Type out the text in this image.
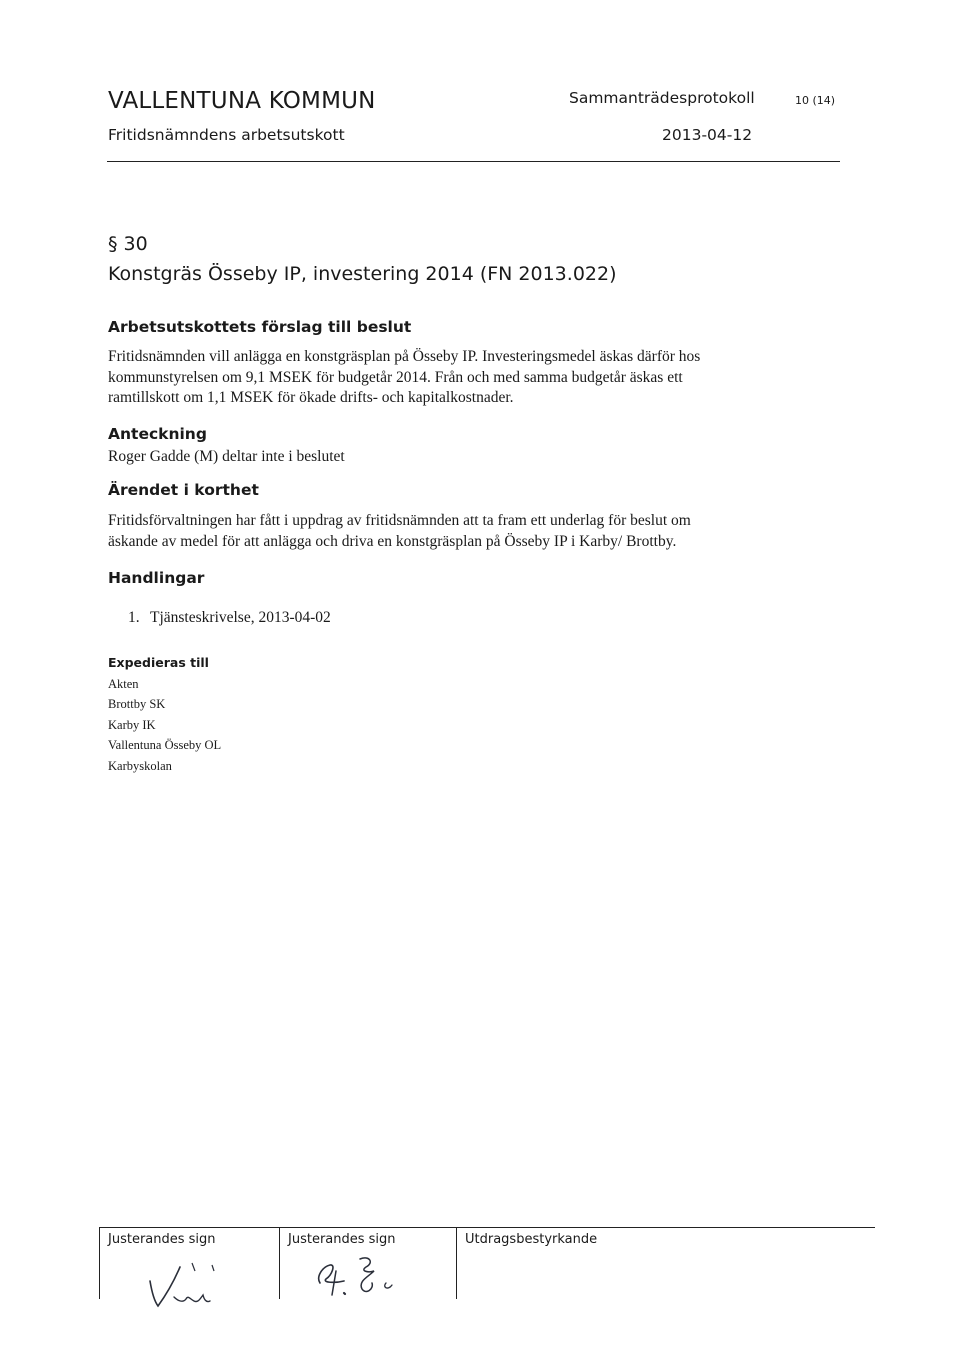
VALLENTUNA KOMMUN
Fritidsnämndens arbetsutskott
Sammanträdesprotokoll	10 (14)
2013-04-12
§ 30
Konstgräs Össeby IP, investering 2014 (FN 2013.022)
Arbetsutskottets förslag till beslut
Fritidsnämnden vill anlägga en konstgräsplan på Össeby IP. Investeringsmedel äskas därför hos
kommunstyrelsen om 9,1 MSEK för budgetår 2014. Från och med samma budgetår äskas ett
ramtillskott om 1,1 MSEK för ökade drifts- och kapitalkostnader.
Anteckning
Roger Gadde (M) deltar inte i beslutet
Ärendet i korthet
Fritidsförvaltningen har fått i uppdrag av fritidsnämnden att ta fram ett underlag för beslut om
äskande av medel för att anlägga och driva en konstgräsplan på Össeby IP i Karby/ Brottby.
Handlingar
1. Tjänsteskrivelse, 2013-04-02
Expedieras till
Akten
Brottby SK
Karby IK
Vallentuna Össeby OL
Karbyskolan
Justerandes sign	Justerandes sign	Utdragsbestyrkande
